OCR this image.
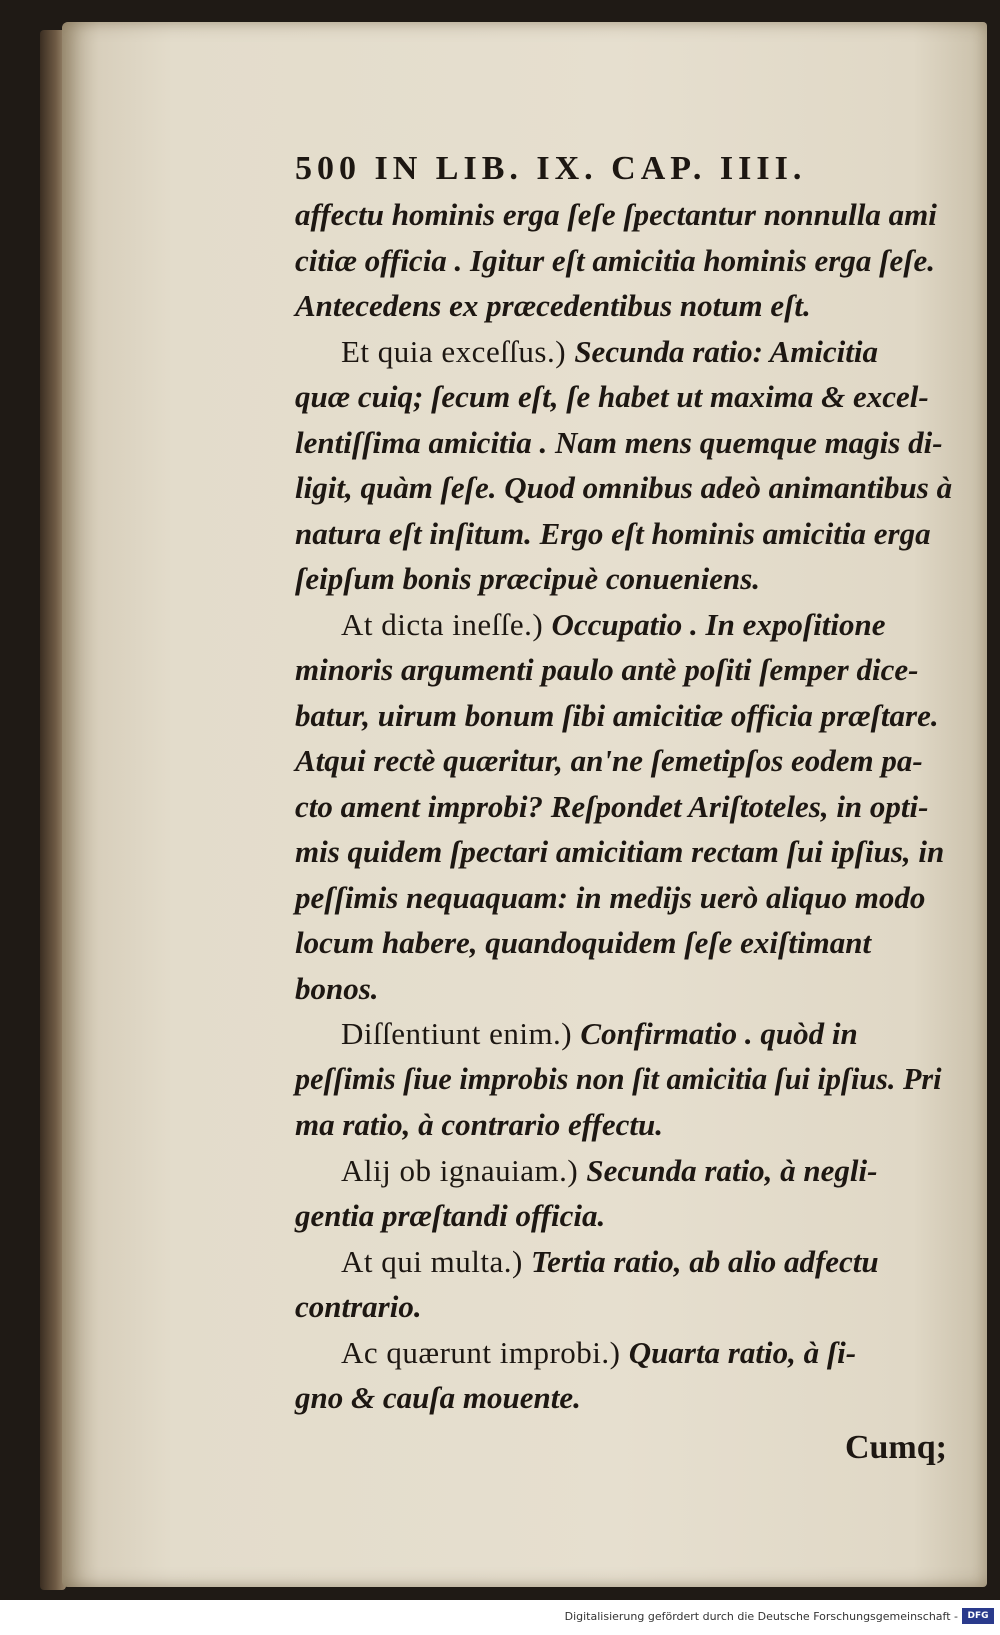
500 IN LIB. IX. CAP. IIII.
affectu hominis erga ſeſe ſpectantur nonnulla ami
citiæ officia . Igitur eſt amicitia hominis erga ſeſe.
Antecedens ex præcedentibus notum eſt.
Et quia exceſſus.) Secunda ratio: Amicitia
quæ cuiq; ſecum eſt, ſe habet ut maxima & excel-
lentiſſima amicitia . Nam mens quemque magis di-
ligit, quàm ſeſe. Quod omnibus adeò animantibus à
natura eſt inſitum. Ergo eſt hominis amicitia erga
ſeipſum bonis præcipuè conueniens.
At dicta ineſſe.) Occupatio . In expoſitione
minoris argumenti paulo antè poſiti ſemper dice-
batur, uirum bonum ſibi amicitiæ officia præſtare.
Atqui rectè quæritur, an'ne ſemetipſos eodem pa-
cto ament improbi? Reſpondet Ariſtoteles, in opti-
mis quidem ſpectari amicitiam rectam ſui ipſius, in
peſſimis nequaquam: in medijs uerò aliquo modo
locum habere, quandoquidem ſeſe exiſtimant
bonos.
Diſſentiunt enim.) Confirmatio . quòd in
peſſimis ſiue improbis non ſit amicitia ſui ipſius. Pri
ma ratio, à contrario effectu.
Alij ob ignauiam.) Secunda ratio, à negli-
gentia præſtandi officia.
At qui multa.) Tertia ratio, ab alio adfectu
contrario.
Ac quærunt improbi.) Quarta ratio, à ſi-
gno & cauſa mouente.
Cumq;
Digitalisierung gefördert durch die Deutsche Forschungsgemeinschaft -	DFG
